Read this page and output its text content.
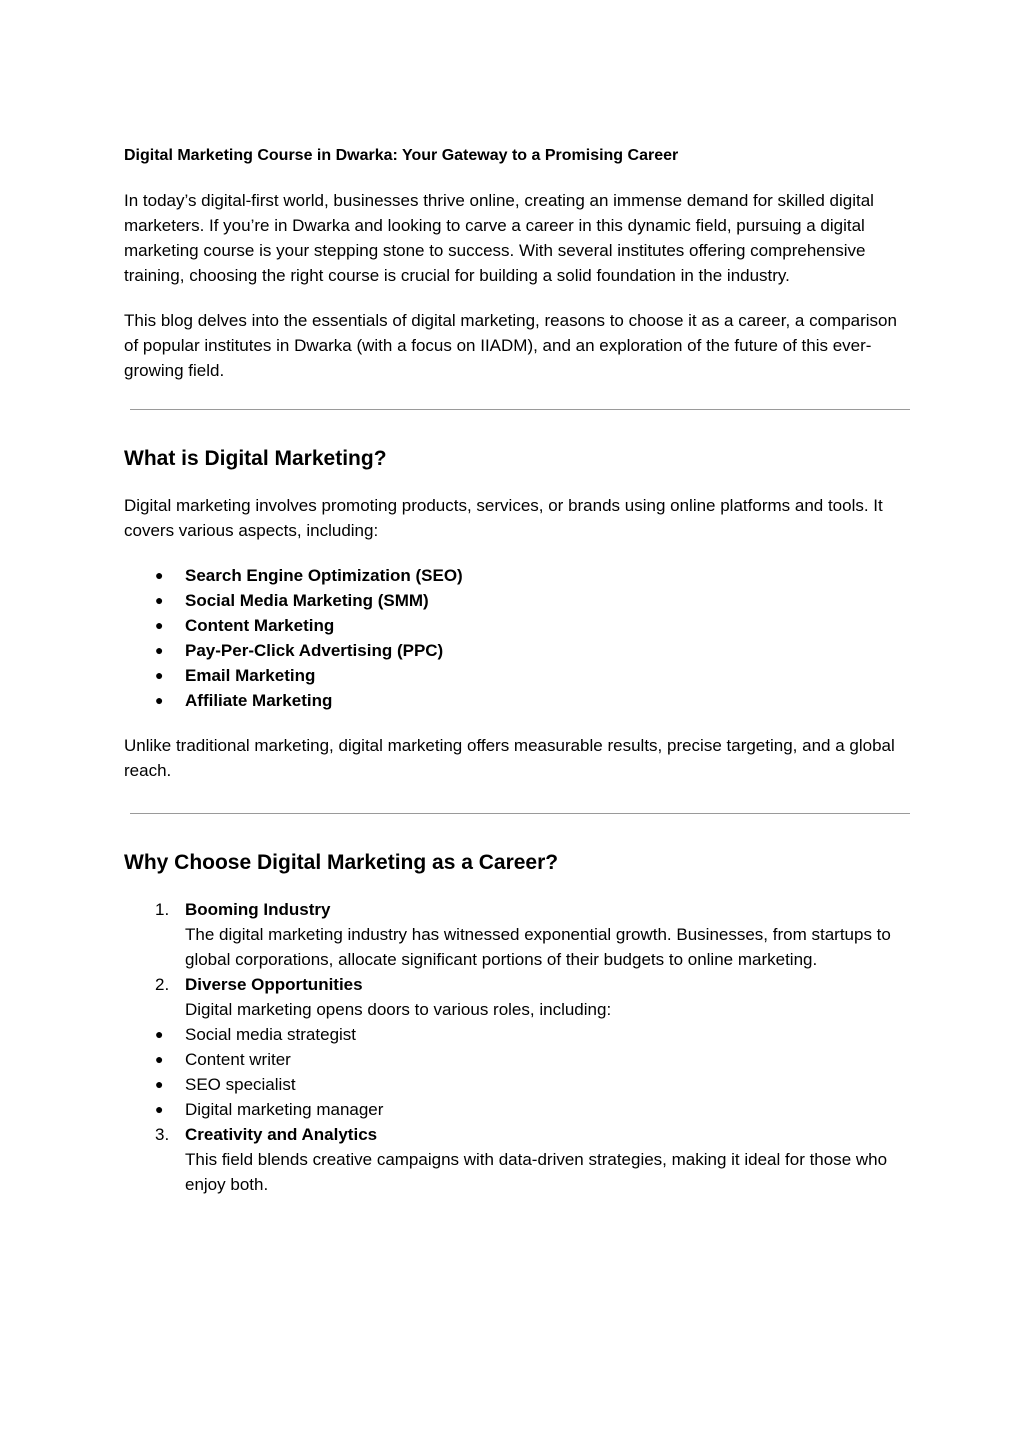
Digital Marketing Course in Dwarka: Your Gateway to a Promising Career

In today’s digital-first world, businesses thrive online, creating an immense demand for skilled digital marketers. If you’re in Dwarka and looking to carve a career in this dynamic field, pursuing a digital marketing course is your stepping stone to success. With several institutes offering comprehensive training, choosing the right course is crucial for building a solid foundation in the industry.

This blog delves into the essentials of digital marketing, reasons to choose it as a career, a comparison of popular institutes in Dwarka (with a focus on IIADM), and an exploration of the future of this ever-growing field.

What is Digital Marketing?

Digital marketing involves promoting products, services, or brands using online platforms and tools. It covers various aspects, including:

● Search Engine Optimization (SEO)
● Social Media Marketing (SMM)
● Content Marketing
● Pay-Per-Click Advertising (PPC)
● Email Marketing
● Affiliate Marketing

Unlike traditional marketing, digital marketing offers measurable results, precise targeting, and a global reach.

Why Choose Digital Marketing as a Career?
1. Booming Industry
The digital marketing industry has witnessed exponential growth. Businesses, from startups to global corporations, allocate significant portions of their budgets to online marketing.
2. Diverse Opportunities
Digital marketing opens doors to various roles, including:
● Social media strategist
● Content writer
● SEO specialist
● Digital marketing manager
3. Creativity and Analytics
This field blends creative campaigns with data-driven strategies, making it ideal for those who enjoy both.
